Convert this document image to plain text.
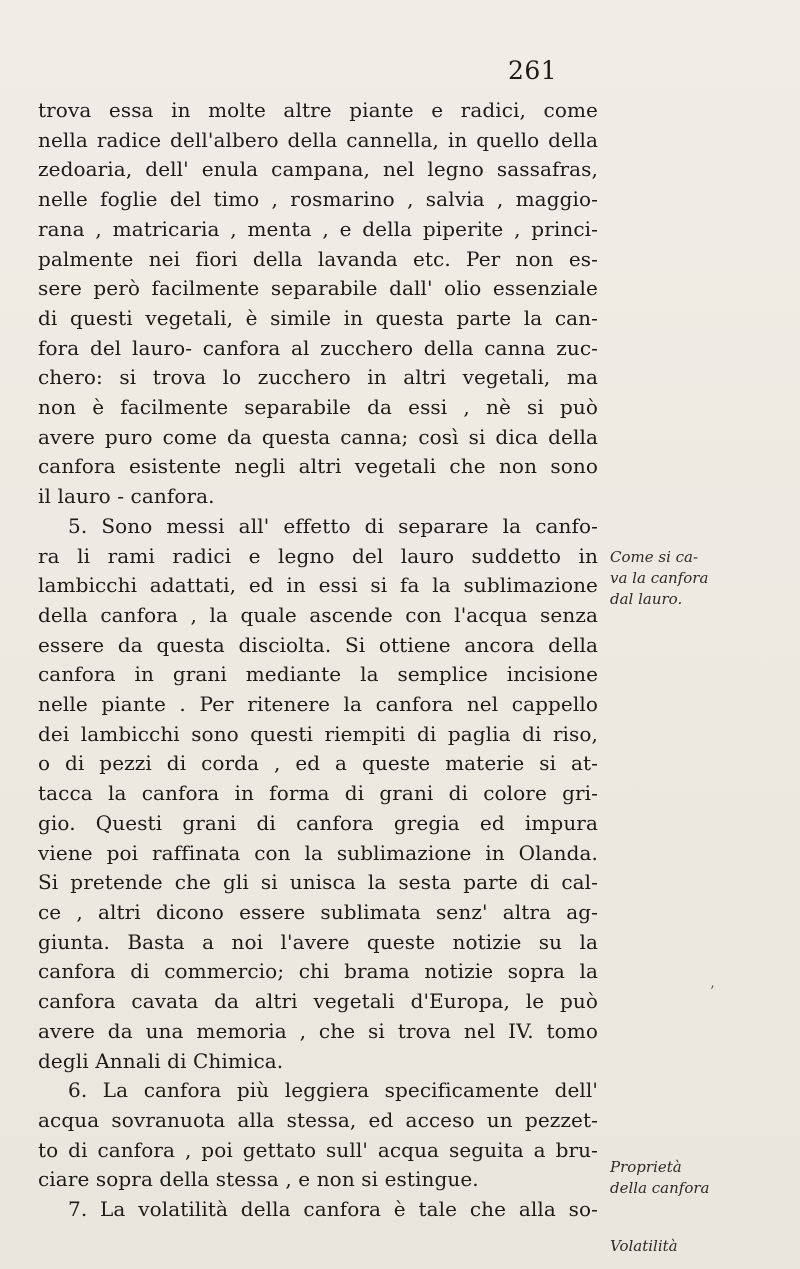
261
trova essa in molte altre piante e radici, come
nella radice dell'albero della cannella, in quello della
zedoaria, dell' enula campana, nel legno sassafras,
nelle foglie del timo , rosmarino , salvia , maggio-
rana , matricaria , menta , e della piperite , princi-
palmente nei fiori della lavanda etc. Per non es-
sere però facilmente separabile dall' olio essenziale
di questi vegetali, è simile in questa parte la can-
fora del lauro- canfora al zucchero della canna zuc-
chero: si trova lo zucchero in altri vegetali, ma
non è facilmente separabile da essi , nè si può
avere puro come da questa canna; così si dica della
canfora esistente negli altri vegetali che non sono
il lauro - canfora.
5. Sono messi all' effetto di separare la canfo-
ra li rami radici e legno del lauro suddetto in
lambicchi adattati, ed in essi si fa la sublimazione
della canfora , la quale ascende con l'acqua senza
essere da questa disciolta. Si ottiene ancora della
canfora in grani mediante la semplice incisione
nelle piante . Per ritenere la canfora nel cappello
dei lambicchi sono questi riempiti di paglia di riso,
o di pezzi di corda , ed a queste materie si at-
tacca la canfora in forma di grani di colore gri-
gio. Questi grani di canfora gregia ed impura
viene poi raffinata con la sublimazione in Olanda.
Si pretende che gli si unisca la sesta parte di cal-
ce , altri dicono essere sublimata senz' altra ag-
giunta. Basta a noi l'avere queste notizie su la
canfora di commercio; chi brama notizie sopra la
canfora cavata da altri vegetali d'Europa, le può
avere da una memoria , che si trova nel IV. tomo
degli Annali di Chimica.
6. La canfora più leggiera specificamente dell'
acqua sovranuota alla stessa, ed acceso un pezzet-
to di canfora , poi gettato sull' acqua seguita a bru-
ciare sopra della stessa , e non si estingue.
7. La volatilità della canfora è tale che alla so-
Come si ca-
va la canfora
dal lauro.
’
Proprietà
della canfora
Volatilità
